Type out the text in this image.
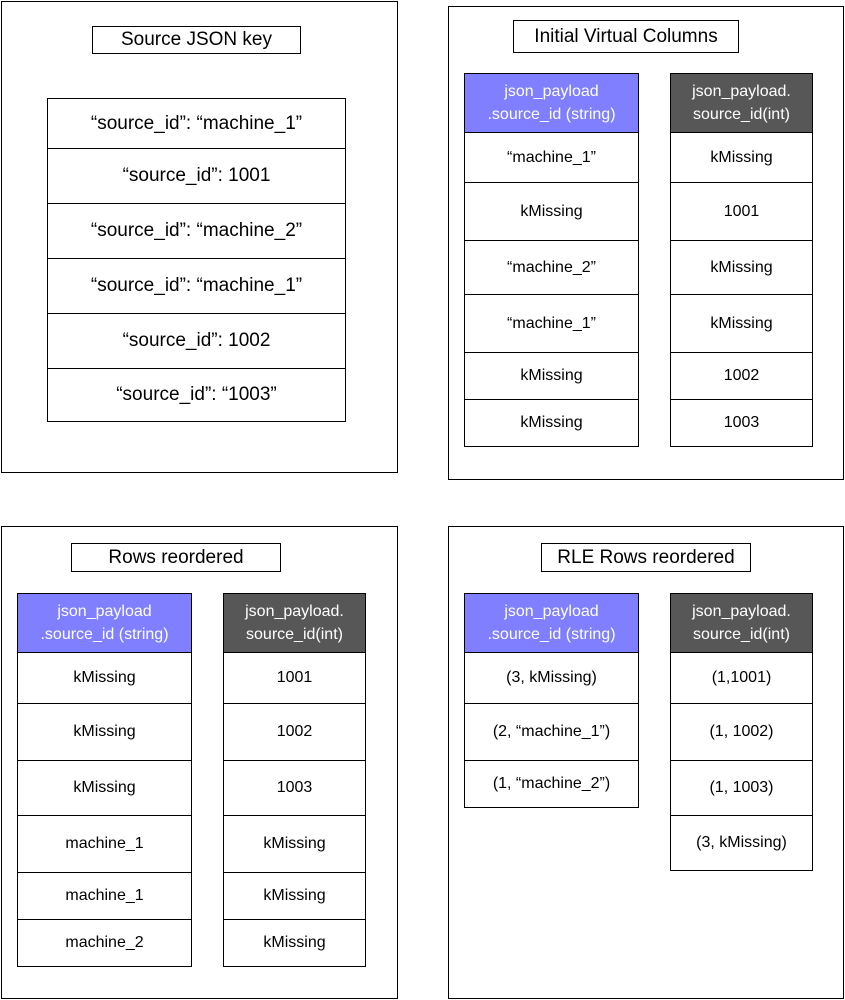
Source JSON key
“source_id”: “machine_1”
“source_id”: 1001
“source_id”: “machine_2”
“source_id”: “machine_1”
“source_id”: 1002
“source_id”: “1003”
Initial Virtual Columns
json_payload
.source_id (string)
“machine_1”
kMissing
“machine_2”
“machine_1”
kMissing
kMissing
json_payload.
source_id(int)
kMissing
1001
kMissing
kMissing
1002
1003
Rows reordered
json_payload
.source_id (string)
kMissing
kMissing
kMissing
machine_1
machine_1
machine_2
json_payload.
source_id(int)
1001
1002
1003
kMissing
kMissing
kMissing
RLE Rows reordered
json_payload
.source_id (string)
(3, kMissing)
(2, “machine_1”)
(1, “machine_2”)
json_payload.
source_id(int)
(1,1001)
(1, 1002)
(1, 1003)
(3, kMissing)
